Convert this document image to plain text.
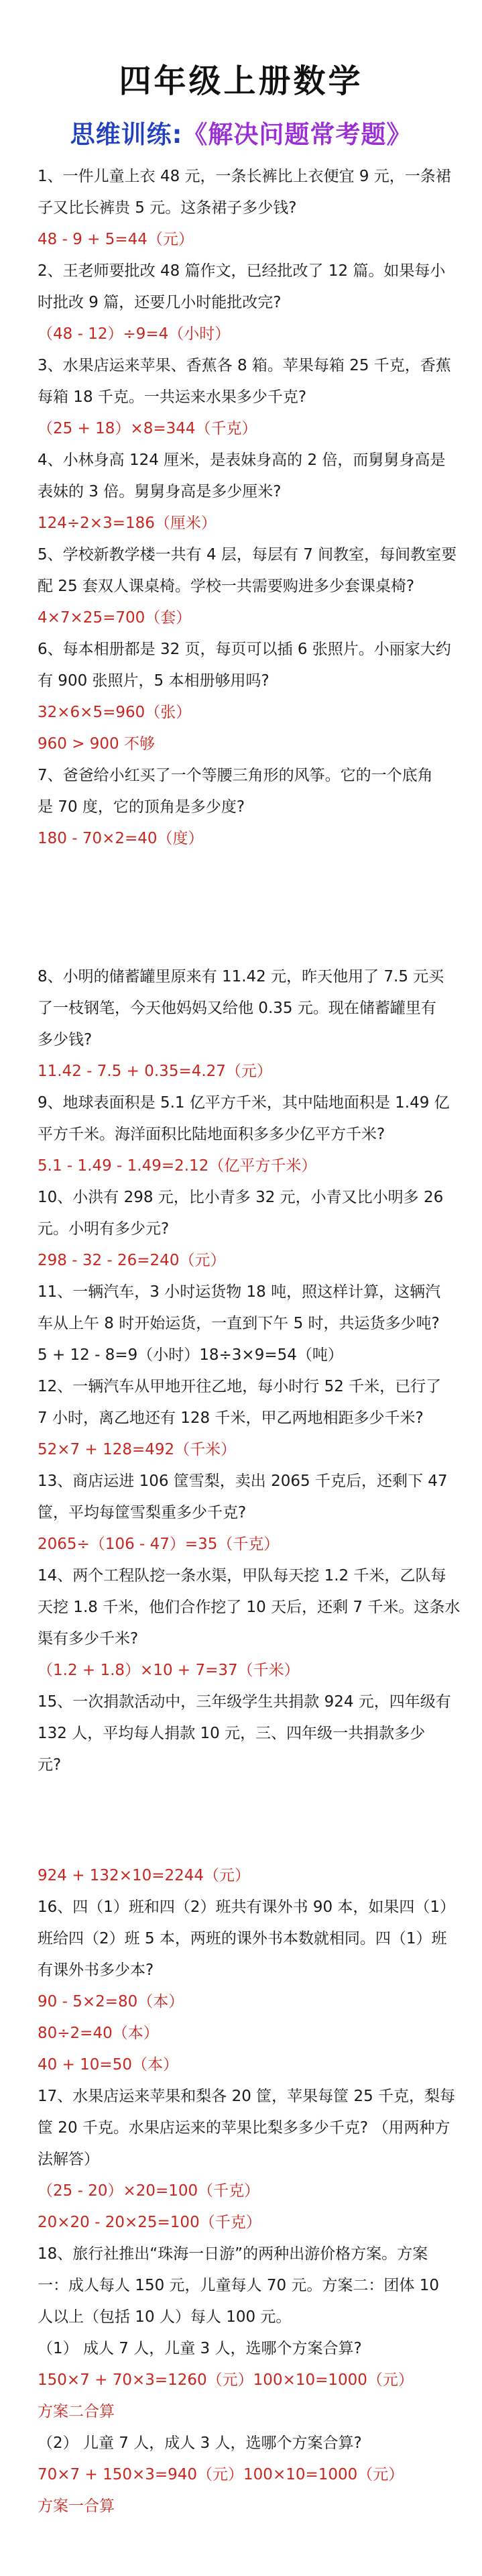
四年级上册数学
思维训练:《解决问题常考题》
1、一件儿童上衣 48 元，一条长裤比上衣便宜 9 元，一条裙
子又比长裤贵 5 元。这条裙子多少钱?
48 - 9 + 5=44（元）
2、王老师要批改 48 篇作文，已经批改了 12 篇。如果每小
时批改 9 篇，还要几小时能批改完?
（48 - 12）÷9=4（小时）
3、水果店运来苹果、香蕉各 8 箱。苹果每箱 25 千克，香蕉
每箱 18 千克。一共运来水果多少千克?
（25 + 18）×8=344（千克）
4、小林身高 124 厘米，是表妹身高的 2 倍，而舅舅身高是
表妹的 3 倍。舅舅身高是多少厘米?
124÷2×3=186（厘米）
5、学校新教学楼一共有 4 层，每层有 7 间教室，每间教室要
配 25 套双人课桌椅。学校一共需要购进多少套课桌椅?
4×7×25=700（套）
6、每本相册都是 32 页，每页可以插 6 张照片。小丽家大约
有 900 张照片，5 本相册够用吗?
32×6×5=960（张）
960 > 900 不够
7、爸爸给小红买了一个等腰三角形的风筝。它的一个底角
是 70 度，它的顶角是多少度?
180 - 70×2=40（度）
8、小明的储蓄罐里原来有 11.42 元，昨天他用了 7.5 元买
了一枝钢笔，今天他妈妈又给他 0.35 元。现在储蓄罐里有
多少钱?
11.42 - 7.5 + 0.35=4.27（元）
9、地球表面积是 5.1 亿平方千米，其中陆地面积是 1.49 亿
平方千米。海洋面积比陆地面积多多少亿平方千米?
5.1 - 1.49 - 1.49=2.12（亿平方千米）
10、小洪有 298 元，比小青多 32 元，小青又比小明多 26
元。小明有多少元?
298 - 32 - 26=240（元）
11、一辆汽车，3 小时运货物 18 吨，照这样计算，这辆汽
车从上午 8 时开始运货，一直到下午 5 时，共运货多少吨?
5 + 12 - 8=9（小时）18÷3×9=54（吨）
12、一辆汽车从甲地开往乙地，每小时行 52 千米，已行了
7 小时，离乙地还有 128 千米，甲乙两地相距多少千米?
52×7 + 128=492（千米）
13、商店运进 106 筐雪梨，卖出 2065 千克后，还剩下 47
筐，平均每筐雪梨重多少千克?
2065÷（106 - 47）=35（千克）
14、两个工程队挖一条水渠，甲队每天挖 1.2 千米，乙队每
天挖 1.8 千米，他们合作挖了 10 天后，还剩 7 千米。这条水
渠有多少千米?
（1.2 + 1.8）×10 + 7=37（千米）
15、一次捐款活动中，三年级学生共捐款 924 元，四年级有
132 人，平均每人捐款 10 元，三、四年级一共捐款多少
元?
924 + 132×10=2244（元）
16、四（1）班和四（2）班共有课外书 90 本，如果四（1）
班给四（2）班 5 本，两班的课外书本数就相同。四（1）班
有课外书多少本?
90 - 5×2=80（本）
80÷2=40（本）
40 + 10=50（本）
17、水果店运来苹果和梨各 20 筐，苹果每筐 25 千克，梨每
筐 20 千克。水果店运来的苹果比梨多多少千克? （用两种方
法解答）
（25 - 20）×20=100（千克）
20×20 - 20×25=100（千克）
18、旅行社推出“珠海一日游”的两种出游价格方案。方案
一：成人每人 150 元，儿童每人 70 元。方案二：团体 10
人以上（包括 10 人）每人 100 元。
（1） 成人 7 人，儿童 3 人，选哪个方案合算?
150×7 + 70×3=1260（元）100×10=1000（元）
方案二合算
（2） 儿童 7 人，成人 3 人，选哪个方案合算?
70×7 + 150×3=940（元）100×10=1000（元）
方案一合算
